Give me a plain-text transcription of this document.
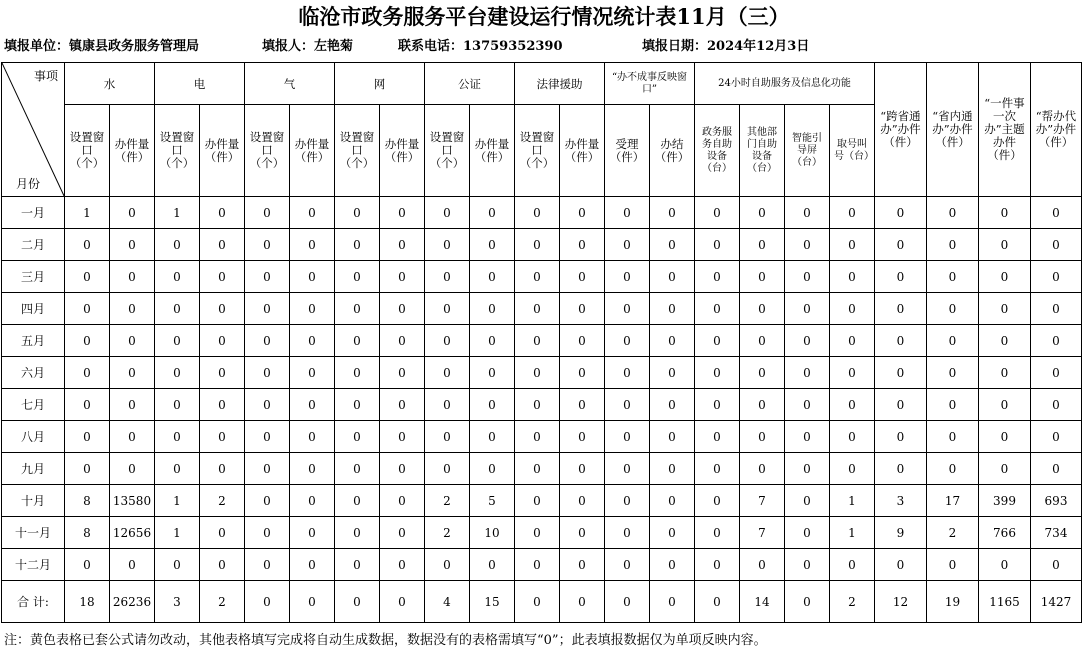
临沧市政务服务平台建设运行情况统计表11月（三）
填报单位：镇康县政务服务管理局	填报人：左艳菊	联系电话：13759352390	填报日期：2024年12月3日
事项
月份	水		电		气		网		公证		法律援助		“办不成事反映窗口”		24小时自助服务及信息化功能				“跨省通办”办件（件）	“省内通办”办件（件）	“一件事一次办”主题办件（件）	“帮办代办”办件（件）
	设置窗口（个）	办件量（件）	设置窗口（个）	办件量（件）	设置窗口（个）	办件量（件）	设置窗口（个）	办件量（件）	设置窗口（个）	办件量（件）	设置窗口（个）	办件量（件）	受理（件）	办结（件）	政务服务自助设备（台）	其他部门自助设备（台）	智能引导屏（台）	取号叫号（台）				
一月	1	0	1	0	0	0	0	0	0	0	0	0	0	0	0	0	0	0	0	0	0	0
二月	0	0	0	0	0	0	0	0	0	0	0	0	0	0	0	0	0	0	0	0	0	0
三月	0	0	0	0	0	0	0	0	0	0	0	0	0	0	0	0	0	0	0	0	0	0
四月	0	0	0	0	0	0	0	0	0	0	0	0	0	0	0	0	0	0	0	0	0	0
五月	0	0	0	0	0	0	0	0	0	0	0	0	0	0	0	0	0	0	0	0	0	0
六月	0	0	0	0	0	0	0	0	0	0	0	0	0	0	0	0	0	0	0	0	0	0
七月	0	0	0	0	0	0	0	0	0	0	0	0	0	0	0	0	0	0	0	0	0	0
八月	0	0	0	0	0	0	0	0	0	0	0	0	0	0	0	0	0	0	0	0	0	0
九月	0	0	0	0	0	0	0	0	0	0	0	0	0	0	0	0	0	0	0	0	0	0
十月	8	13580	1	2	0	0	0	0	2	5	0	0	0	0	0	7	0	1	3	17	399	693
十一月	8	12656	1	0	0	0	0	0	2	10	0	0	0	0	0	7	0	1	9	2	766	734
十二月	0	0	0	0	0	0	0	0	0	0	0	0	0	0	0	0	0	0	0	0	0	0
合 计:	18	26236	3	2	0	0	0	0	4	15	0	0	0	0	0	14	0	2	12	19	1165	1427
注：黄色表格已套公式请勿改动，其他表格填写完成将自动生成数据，数据没有的表格需填写“0”；此表填报数据仅为单项反映内容。
